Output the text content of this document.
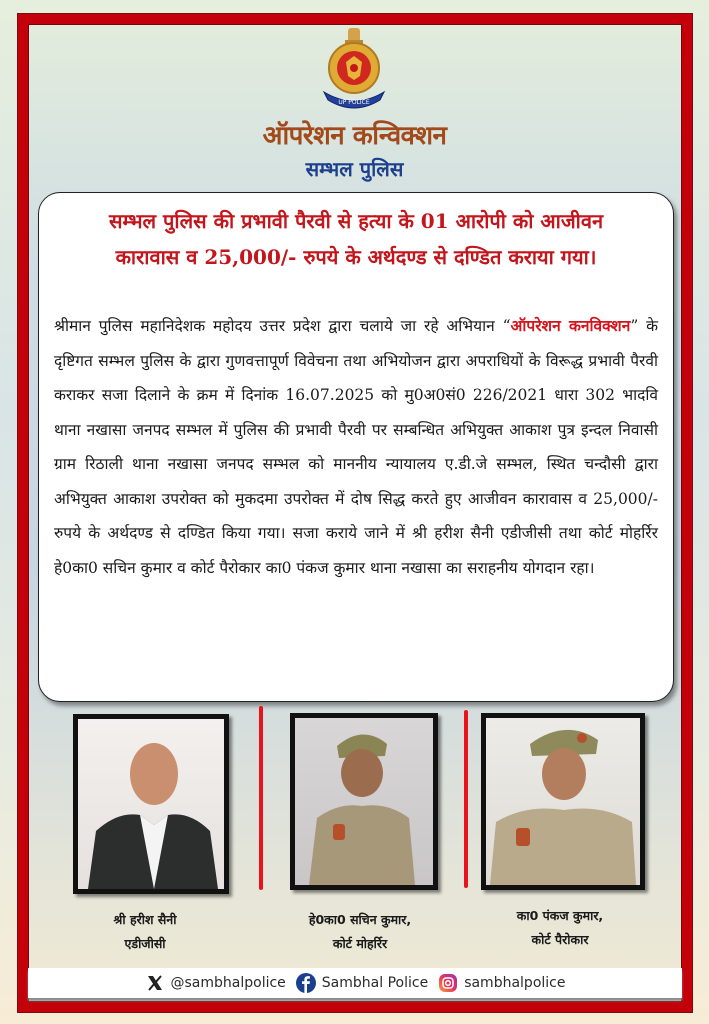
UP POLICE
ऑपरेशन कन्विक्शन
सम्भल पुलिस
सम्भल पुलिस की प्रभावी पैरवी से हत्या के 01 आरोपी को आजीवन
कारावास व 25,000/- रुपये के अर्थदण्ड से दण्डित कराया गया।
श्रीमान पुलिस महानिदेशक महोदय उत्तर प्रदेश द्वारा चलाये जा रहे अभियान “ऑपरेशन कनविक्शन” के दृष्टिगत सम्भल पुलिस के द्वारा गुणवत्तापूर्ण विवेचना तथा अभियोजन द्वारा अपराधियों के विरूद्ध प्रभावी पैरवी कराकर सजा दिलाने के क्रम में दिनांक 16.07.2025 को मु0अ0सं0 226/2021 धारा 302 भादवि थाना नखासा जनपद सम्भल में पुलिस की प्रभावी पैरवी पर सम्बन्धित अभियुक्त आकाश पुत्र इन्दल निवासी ग्राम रिठाली थाना नखासा जनपद सम्भल को माननीय न्यायालय ए.डी.जे सम्भल, स्थित चन्दौसी द्वारा अभियुक्त आकाश उपरोक्त को मुकदमा उपरोक्त में दोष सिद्ध करते हुए आजीवन कारावास व 25,000/- रुपये के अर्थदण्ड से दण्डित किया गया। सजा कराये जाने में श्री हरीश सैनी एडीजीसी तथा कोर्ट मोहर्रिर हे0का0 सचिन कुमार व कोर्ट पैरोकार का0 पंकज कुमार थाना नखासा का सराहनीय योगदान रहा।
श्री हरीश सैनी
एडीजीसी
हे0का0 सचिन कुमार,
कोर्ट मोहर्रिर
का0 पंकज कुमार,
कोर्ट पैरोकार
@sambhalpolice	Sambhal Police	sambhalpolice
